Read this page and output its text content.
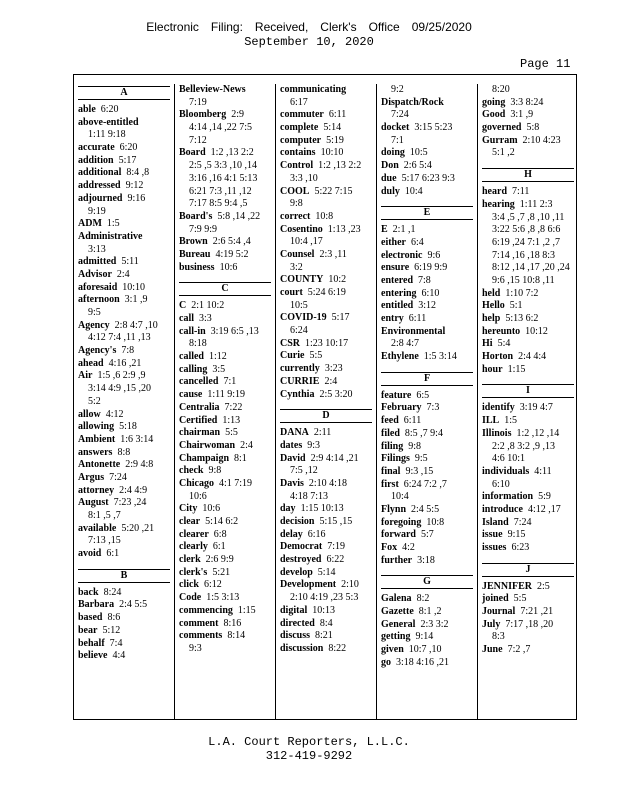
Electronic Filing: Received, Clerk's Office 09/25/2020
September 10, 2020
Page 11
A
able  6:20
above-entitled
1:11 9:18
accurate  6:20
addition  5:17
additional  8:4 ,8
addressed  9:12
adjourned  9:16
9:19
ADM  1:5
Administrative
3:13
admitted  5:11
Advisor  2:4
aforesaid  10:10
afternoon  3:1 ,9
9:5
Agency  2:8 4:7 ,10
4:12 7:4 ,11 ,13
Agency's  7:8
ahead  4:16 ,21
Air  1:5 ,6 2:9 ,9
3:14 4:9 ,15 ,20
5:2
allow  4:12
allowing  5:18
Ambient  1:6 3:14
answers  8:8
Antonette  2:9 4:8
Argus  7:24
attorney  2:4 4:9
August  7:23 ,24
8:1 ,5 ,7
available  5:20 ,21
7:13 ,15
avoid  6:1
B
back  8:24
Barbara  2:4 5:5
based  8:6
bear  5:12
behalf  7:4
believe  4:4
Belleview-News
7:19
Bloomberg  2:9
4:14 ,14 ,22 7:5
7:12
Board  1:2 ,13 2:2
2:5 ,5 3:3 ,10 ,14
3:16 ,16 4:1 5:13
6:21 7:3 ,11 ,12
7:17 8:5 9:4 ,5
Board's  5:8 ,14 ,22
7:9 9:9
Brown  2:6 5:4 ,4
Bureau  4:19 5:2
business  10:6
C
C  2:1 10:2
call  3:3
call-in  3:19 6:5 ,13
8:18
called  1:12
calling  3:5
cancelled  7:1
cause  1:11 9:19
Centralia  7:22
Certified  1:13
chairman  5:5
Chairwoman  2:4
Champaign  8:1
check  9:8
Chicago  4:1 7:19
10:6
City  10:6
clear  5:14 6:2
clearer  6:8
clearly  6:1
clerk  2:6 9:9
clerk's  5:21
click  6:12
Code  1:5 3:13
commencing  1:15
comment  8:16
comments  8:14
9:3
communicating
6:17
commuter  6:11
complete  5:14
computer  5:19
contains  10:10
Control  1:2 ,13 2:2
3:3 ,10
COOL  5:22 7:15
9:8
correct  10:8
Cosentino  1:13 ,23
10:4 ,17
Counsel  2:3 ,11
3:2
COUNTY  10:2
court  5:24 6:19
10:5
COVID-19  5:17
6:24
CSR  1:23 10:17
Curie  5:5
currently  3:23
CURRIE  2:4
Cynthia  2:5 3:20
D
DANA  2:11
dates  9:3
David  2:9 4:14 ,21
7:5 ,12
Davis  2:10 4:18
4:18 7:13
day  1:15 10:13
decision  5:15 ,15
delay  6:16
Democrat  7:19
destroyed  6:22
develop  5:14
Development  2:10
2:10 4:19 ,23 5:3
digital  10:13
directed  8:4
discuss  8:21
discussion  8:22
9:2
Dispatch/Rock
7:24
docket  3:15 5:23
7:1
doing  10:5
Don  2:6 5:4
due  5:17 6:23 9:3
duly  10:4
E
E  2:1 ,1
either  6:4
electronic  9:6
ensure  6:19 9:9
entered  7:8
entering  6:10
entitled  3:12
entry  6:11
Environmental
2:8 4:7
Ethylene  1:5 3:14
F
feature  6:5
February  7:3
feed  6:11
filed  8:5 ,7 9:4
filing  9:8
Filings  9:5
final  9:3 ,15
first  6:24 7:2 ,7
10:4
Flynn  2:4 5:5
foregoing  10:8
forward  5:7
Fox  4:2
further  3:18
G
Galena  8:2
Gazette  8:1 ,2
General  2:3 3:2
getting  9:14
given  10:7 ,10
go  3:18 4:16 ,21
8:20
going  3:3 8:24
Good  3:1 ,9
governed  5:8
Gurram  2:10 4:23
5:1 ,2
H
heard  7:11
hearing  1:11 2:3
3:4 ,5 ,7 ,8 ,10 ,11
3:22 5:6 ,8 ,8 6:6
6:19 ,24 7:1 ,2 ,7
7:14 ,16 ,18 8:3
8:12 ,14 ,17 ,20 ,24
9:6 ,15 10:8 ,11
held  1:10 7:2
Hello  5:1
help  5:13 6:2
hereunto  10:12
Hi  5:4
Horton  2:4 4:4
hour  1:15
I
identify  3:19 4:7
ILL  1:5
Illinois  1:2 ,12 ,14
2:2 ,8 3:2 ,9 ,13
4:6 10:1
individuals  4:11
6:10
information  5:9
introduce  4:12 ,17
Island  7:24
issue  9:15
issues  6:23
J
JENNIFER  2:5
joined  5:5
Journal  7:21 ,21
July  7:17 ,18 ,20
8:3
June  7:2 ,7
L.A. Court Reporters, L.L.C.
312-419-9292
